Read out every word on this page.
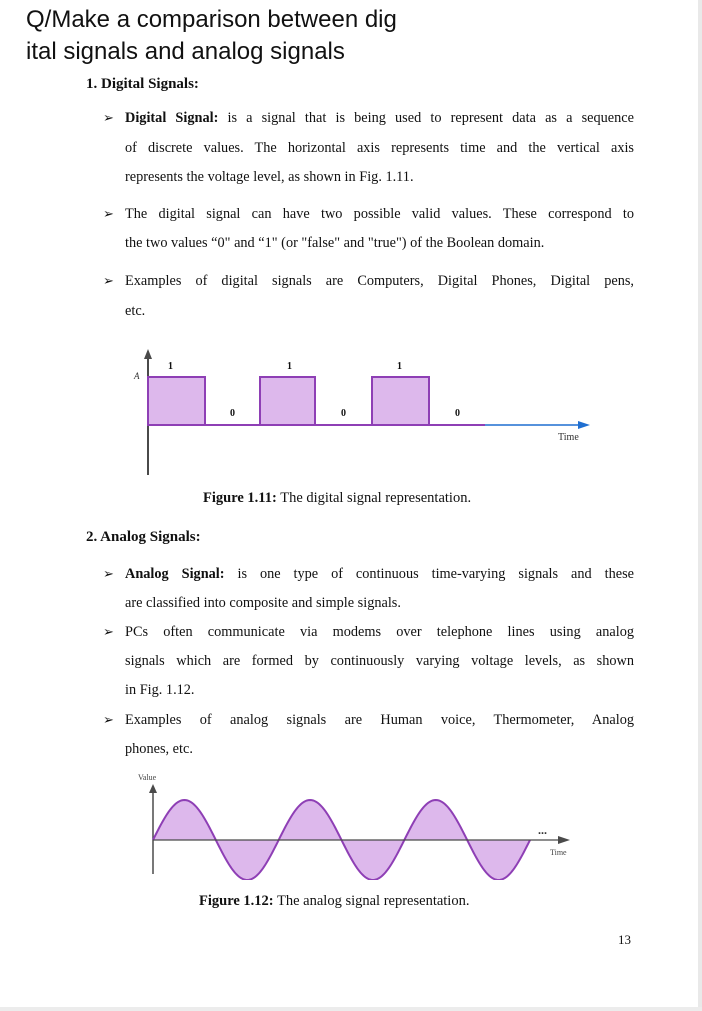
Q/Make a comparison between dig
ital signals and analog signals
1. Digital Signals:
➢ Digital Signal: is a signal that is being used to represent data as a sequence
of discrete values. The horizontal axis represents time and the vertical axis
represents the voltage level, as shown in Fig. 1.11.
➢ The digital signal can have two possible valid values. These correspond to
the two values “0" and “1" (or "false" and "true") of the Boolean domain.
➢ Examples of digital signals are Computers, Digital Phones, Digital pens,
etc.
A
Time
1	1	1
0	0	0
Figure 1.11: The digital signal representation.
2. Analog Signals:
➢ Analog Signal: is one type of continuous time-varying signals and these
are classified into composite and simple signals.
➢ PCs often communicate via modems over telephone lines using analog
signals which are formed by continuously varying voltage levels, as shown
in Fig. 1.12.
➢ Examples of analog signals are Human voice, Thermometer, Analog
phones, etc.
Value
...
Time
Figure 1.12: The analog signal representation.
13
